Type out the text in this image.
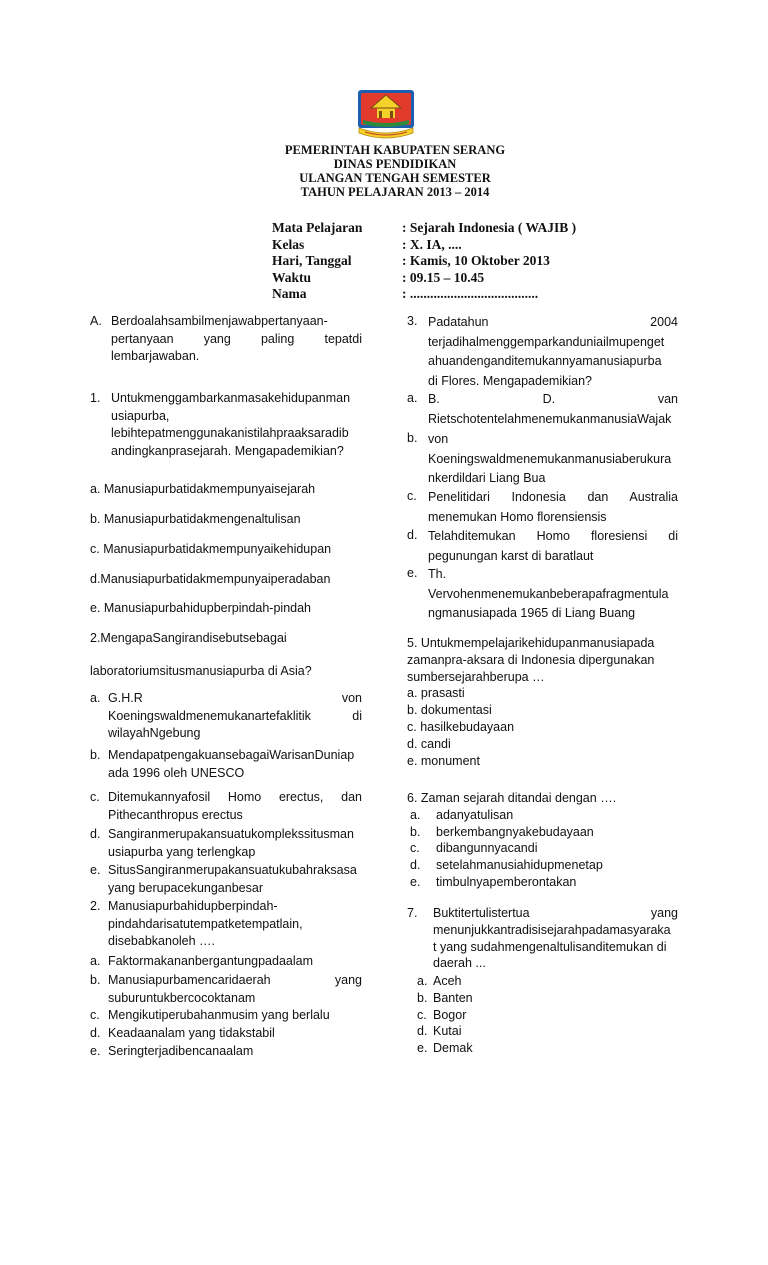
PEMERINTAH KABUPATEN SERANG
DINAS PENDIDIKAN
ULANGAN TENGAH SEMESTER
TAHUN PELAJARAN 2013 – 2014
Mata Pelajaran	: Sejarah Indonesia ( WAJIB )
Kelas	: X. IA, ....
Hari, Tanggal	: Kamis, 10 Oktober 2013
Waktu	: 09.15 – 10.45
Nama	: ......................................
A. Berdoalahsambilmenjawabpertanyaan-
pertanyaan yang paling tepatdi
lembarjawaban.
1. Untukmenggambarkanmasakehidupanman
usiapurba,
lebihtepatmenggunakanistilahpraaksaradib
andingkanprasejarah. Mengapademikian?
a. Manusiapurbatidakmempunyaisejarah
b. Manusiapurbatidakmengenaltulisan
c. Manusiapurbatidakmempunyaikehidupan
d.Manusiapurbatidakmempunyaiperadaban
e. Manusiapurbahidupberpindah-pindah
2.MengapaSangirandisebutsebagai
laboratoriumsitusmanusiapurba di Asia?
a. G.H.R von
Koeningswaldmenemukanartefaklitik di
wilayahNgebung
b. MendapatpengakuansebagaiWarisanDuniap
ada 1996 oleh UNESCO
c. Ditemukannyafosil Homo erectus, dan
Pithecanthropus erectus
d. Sangiranmerupakansuatukomplekssitusman
usiapurba yang terlengkap
e. SitusSangiranmerupakansuatukubahraksasa
yang berupacekunganbesar
2. Manusiapurbahidupberpindah-
pindahdarisatutempatketempatlain,
disebabkanoleh ….
a. Faktormakananbergantungpadaalam
b. Manusiapurbamencaridaerah yang
suburuntukbercocoktanam
c. Mengikutiperubahanmusim yang berlalu
d. Keadaanalam yang tidakstabil
e. Seringterjadibencanaalam
3. Padatahun 2004
terjadihalmenggemparkanduniailmupenget
ahuandenganditemukannyamanusiapurba
di Flores. Mengapademikian?
a. B. D. van
RietschotentelahmenemukanmanusiaWajak
b. von
Koeningswaldmenemukanmanusiaberukura
nkerdildari Liang Bua
c. Penelitidari Indonesia dan Australia
menemukan Homo florensiensis
d. Telahditemukan Homo floresiensi di
pegunungan karst di baratlaut
e. Th.
Vervohenmenemukanbeberapafragmentula
ngmanusiapada 1965 di Liang Buang
5. Untukmempelajarikehidupanmanusiapada
zamanpra-aksara di Indonesia dipergunakan
sumbersejarahberupa …
a. prasasti
b. dokumentasi
c. hasilkebudayaan
d. candi
e. monument
6. Zaman sejarah ditandai dengan ….
a.	adanyatulisan
b.	berkembangnyakebudayaan
c.	dibangunnyacandi
d.	setelahmanusiahidupmenetap
e.	timbulnyapemberontakan
7.	Buktitertulistertua yang
menunjukkantradisisejarahpadamasyaraka
t yang sudahmengenaltulisanditemukan di
daerah ...
a. Aceh
b. Banten
c. Bogor
d. Kutai
e. Demak
